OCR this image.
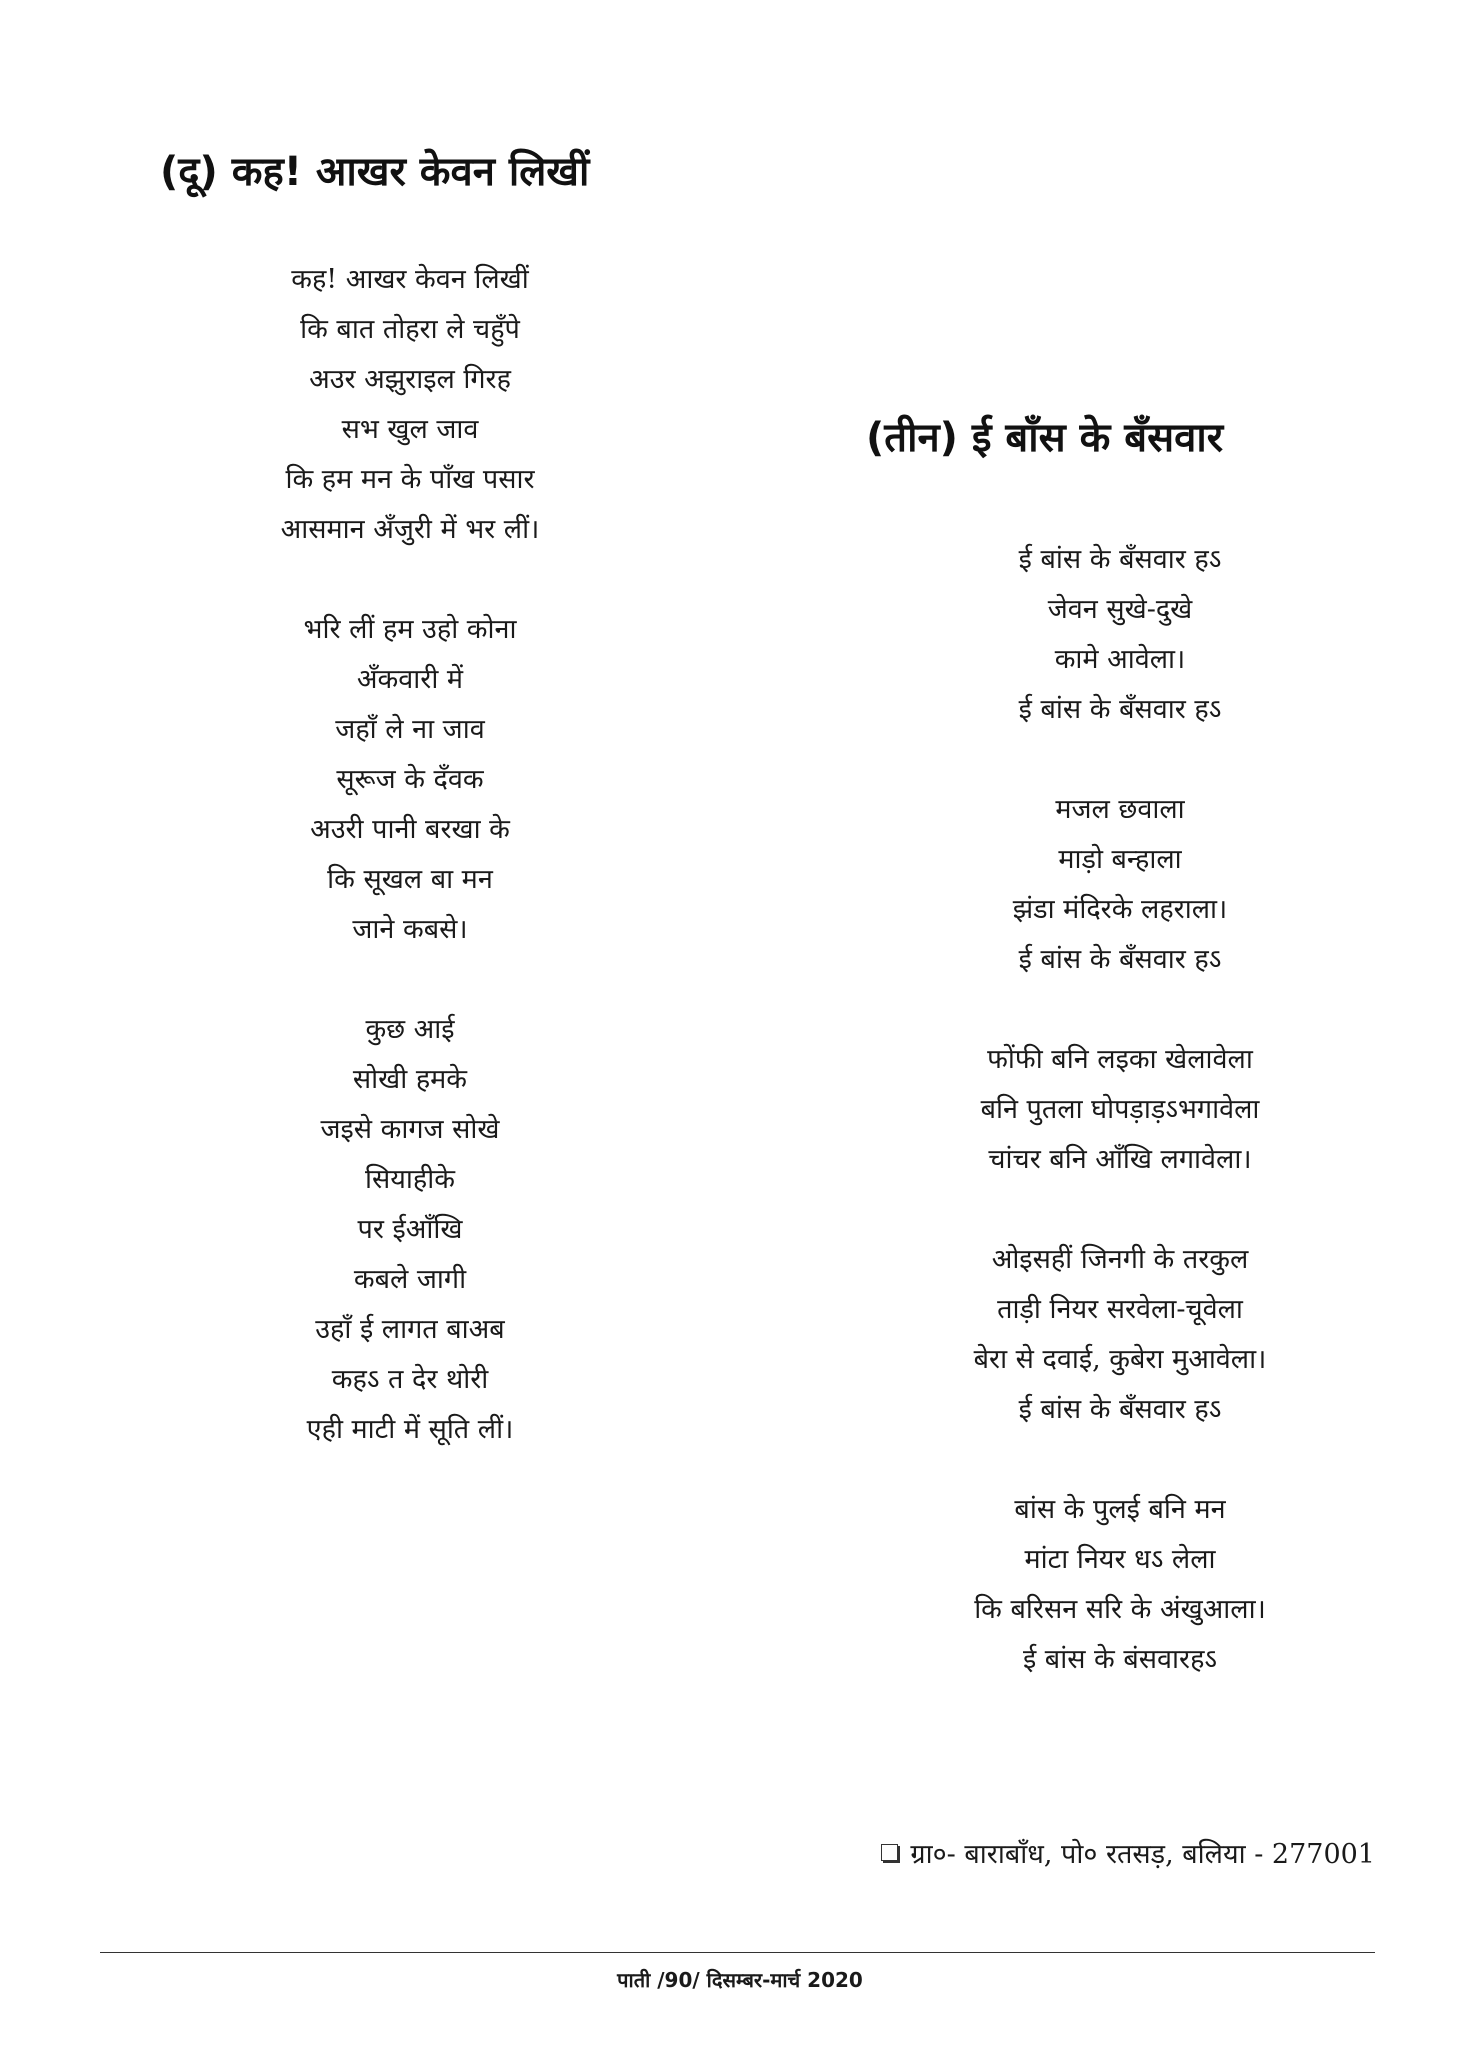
(दू) कह! आखर केवन लिखीं
कह! आखर केवन लिखीं
कि बात तोहरा ले चहुँपे
अउर अझुराइल गिरह
सभ खुल जाव
कि हम मन के पाँख पसार
आसमान अँजुरी में भर लीं।
भरि लीं हम उहो कोना
अँकवारी में
जहाँ ले ना जाव
सूरूज के दँवक
अउरी पानी बरखा के
कि सूखल बा मन
जाने कबसे।
कुछ आई
सोखी हमके
जइसे कागज सोखे
सियाहीके
पर ईआँखि
कबले जागी
उहाँ ई लागत बाअब
कहऽ त देर थोरी
एही माटी में सूति लीं।
(तीन) ई बाँस के बँसवार
ई बांस के बँसवार हऽ
जेवन सुखे-दुखे
कामे आवेला।
ई बांस के बँसवार हऽ
मजल छवाला
माड़ो बन्हाला
झंडा मंदिरके लहराला।
ई बांस के बँसवार हऽ
फोंफी बनि लइका खेलावेला
बनि पुतला घोपड़ाड़ऽभगावेला
चांचर बनि आँखि लगावेला।
ओइसहीं जिनगी के तरकुल
ताड़ी नियर सरवेला-चूवेला
बेरा से दवाई, कुबेरा मुआवेला।
ई बांस के बँसवार हऽ
बांस के पुलई बनि मन
मांटा नियर धऽ लेला
कि बरिसन सरि के अंखुआला।
ई बांस के बंसवारहऽ
ग्रा०- बाराबाँध, पो० रतसड़, बलिया - 277001
पाती /90/ दिसम्बर-मार्च 2020
